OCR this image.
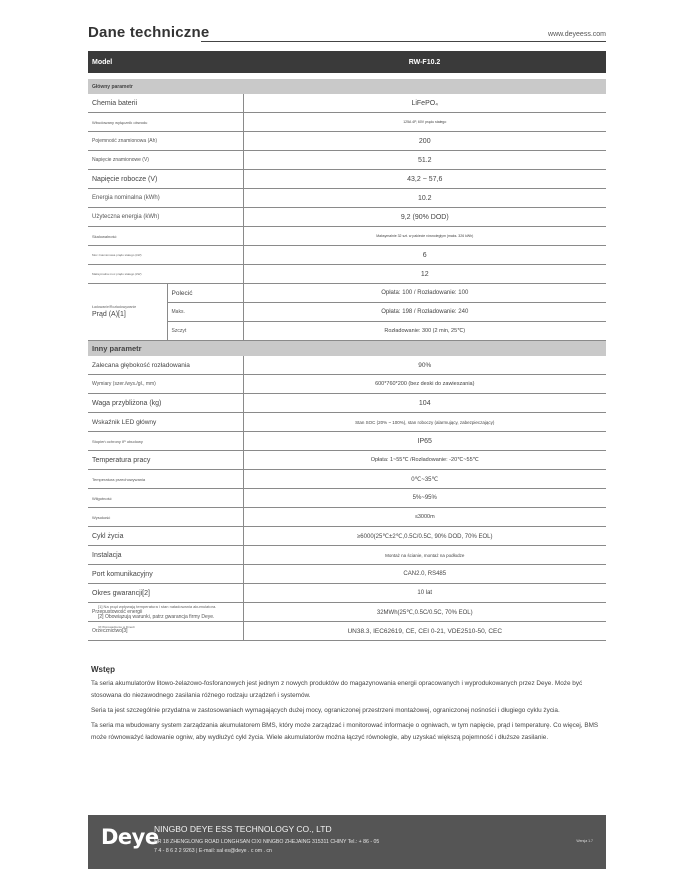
Dane techniczne	www.deyeess.com
Model		RW-F10.2

Główny parametr		
Chemia baterii		LiFePO₄
Wbudowany wyłącznik obwodu		125A 4P, 60V prądu stałego
Pojemność znamionowa (Ah)		200
Napięcie znamionowe (V)		51.2
Napięcie robocze (V)		43,2 ~ 57,6
Energia nominalna (kWh)		10.2
Użyteczna energia (kWh)		9,2 (90% DOD)
Skalowalność		Maksymalnie 32 szt. w pakiecie równoległym (maks. 326 kWh)
Moc znamionowa prądu stałego (kW)		6
Maksymalna moc prądu stałego (kW)		12

Ładowanie/Rozładowywanie
Prąd (A)[1]	Polecić	Opłata: 100 / Rozładowanie: 100
	Maks.	Opłata: 198 / Rozładowanie: 240
	Szczyt	Rozładowanie: 300 (2 min, 25℃)
Inny parametr		
Zalecana głębokość rozładowania		90%
Wymiary (szer./wys./gł., mm)		600*760*200 (bez deski do zawieszania)
Waga przybliżona (kg)		104
Wskaźnik LED główny		Stan SOC (20% ~ 100%), stan roboczy (alarmujący, zabezpieczający)
Stopień ochrony IP obudowy		IP65
Temperatura pracy		Opłata: 1~55℃ /Rozładowanie: -20℃~55℃
Temperatura przechowywania		0℃~35℃
Wilgotność		5%~95%
Wysokość		≤3000m
Cykl życia		≥6000(25℃±2℃,0.5C/0.5C, 90% DOD, 70% EOL)
Instalacja		Montaż na ścianie, montaż na podłodze
Port komunikacyjny		CAN2.0, RS485
Okres gwarancji[2]		10 lat
Przepustowość energii		32MWh(25℃,0.5C/0.5C, 70% EOL)
Orzecznictwo[3]		UN38.3, IEC62619, CE, CEI 0-21, VDE2510-50, CEC
[1] Na prąd wpływają temperatura i stan naładowania akumulatora.
[2] Obowiązują warunki, patrz gwarancja firmy Deye.
[3] Wprowadzenie w Dmedi
Wstęp

Ta seria akumulatorów litowo-żelazowo-fosforanowych jest jednym z nowych produktów do magazynowania energii opracowanych i wyprodukowanych przez Deye. Może być stosowana do niezawodnego zasilania różnego rodzaju urządzeń i systemów.

Seria ta jest szczególnie przydatna w zastosowaniach wymagających dużej mocy, ograniczonej przestrzeni montażowej, ograniczonej nośności i długiego cyklu życia.

Ta seria ma wbudowany system zarządzania akumulatorem BMS, który może zarządzać i monitorować informacje o ogniwach, w tym napięcie, prąd i temperaturę. Co więcej, BMS może równoważyć ładowanie ogniw, aby wydłużyć cykl życia. Wiele akumulatorów można łączyć równolegle, aby uzyskać większą pojemność i dłuższe zasilanie.

Deye
NINGBO DEYE ESS TECHNOLOGY CO., LTD
NR 18 ZHENGLONG ROAD LONGHSAN CIXI NINGBO ZHEJAING 315311 CHINY Tel.: + 86 - 05
7 4 - 8 6 2 2 9263 | E-mail: sal es@deye . c om . cn
Wersja 1.7
